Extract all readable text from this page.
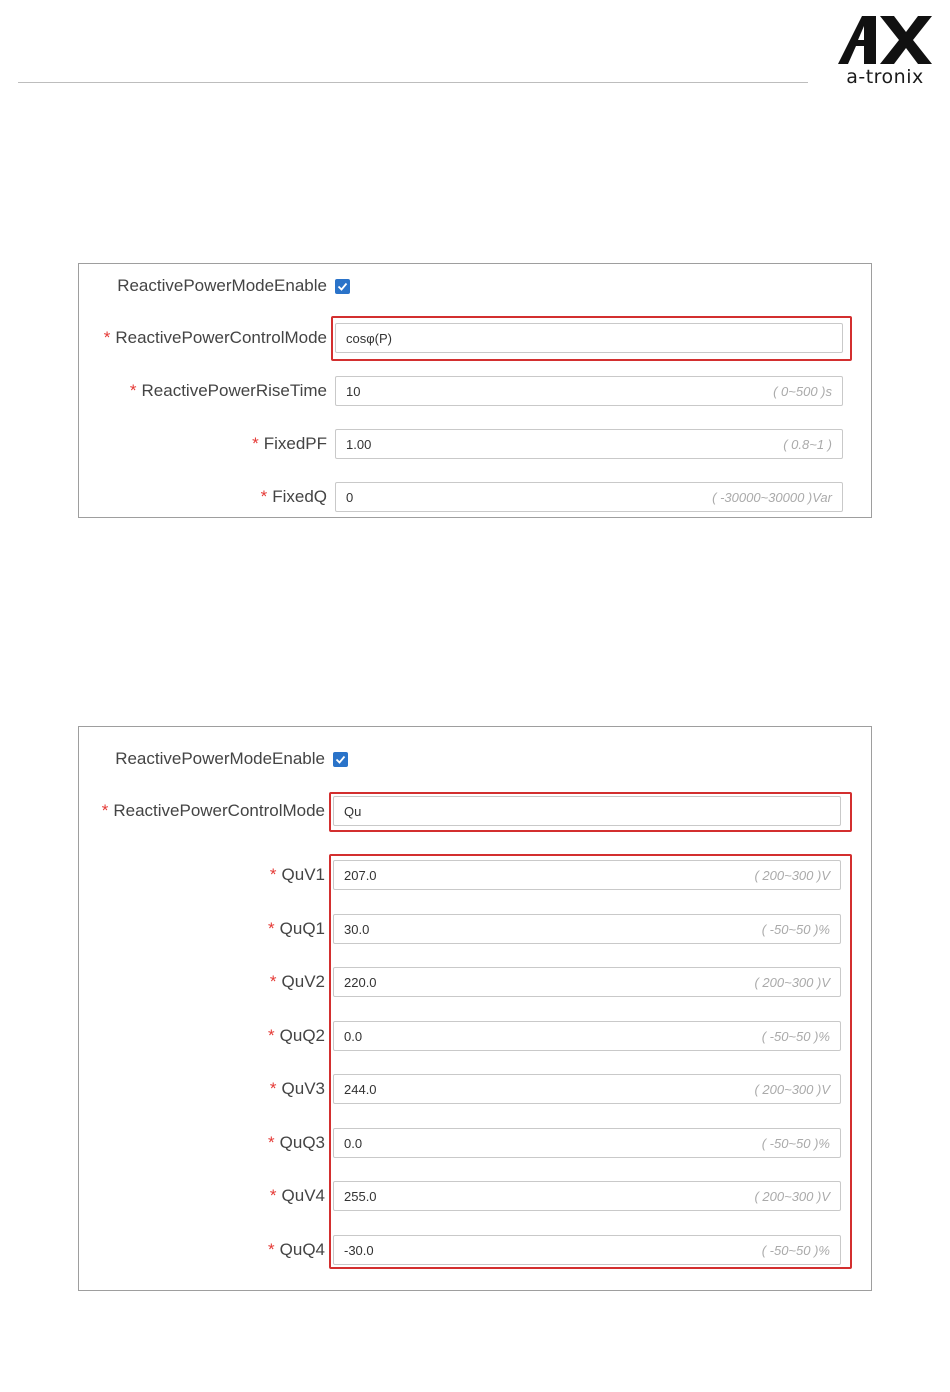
a-tronix
ReactivePowerModeEnable
* ReactivePowerControlMode cosφ(P)
* ReactivePowerRiseTime 10	( 0~500 )s
* FixedPF 1.00	( 0.8~1 )
* FixedQ 0	( -30000~30000 )Var
ReactivePowerModeEnable
* ReactivePowerControlMode Qu
* QuV1 207.0	( 200~300 )V
* QuQ1 30.0	( -50~50 )%
* QuV2 220.0	( 200~300 )V
* QuQ2 0.0	( -50~50 )%
* QuV3 244.0	( 200~300 )V
* QuQ3 0.0	( -50~50 )%
* QuV4 255.0	( 200~300 )V
* QuQ4 -30.0	( -50~50 )%
